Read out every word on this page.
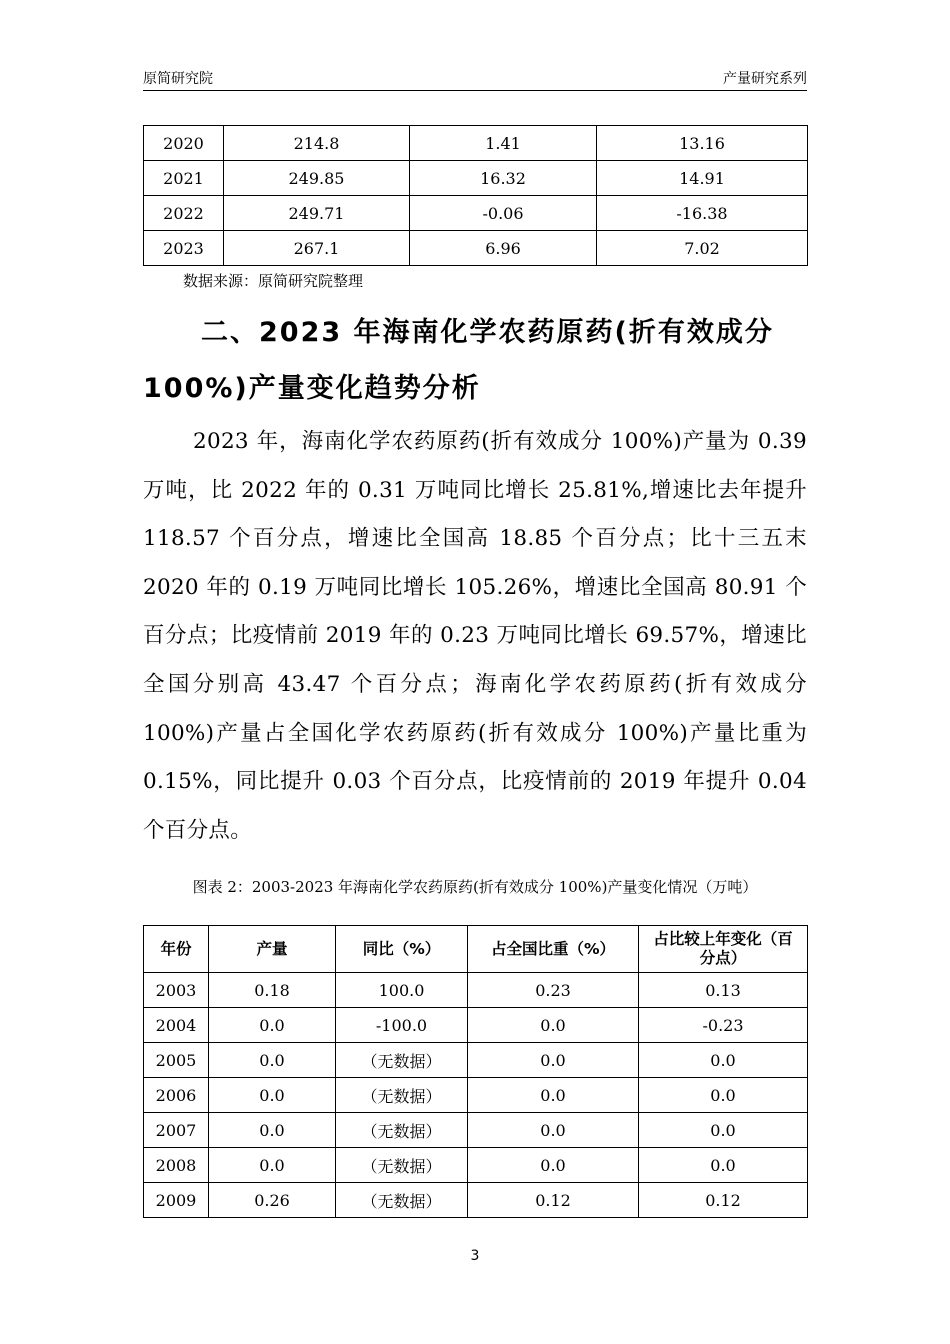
原简研究院	产量研究系列
2020	214.8	1.41	13.16
2021	249.85	16.32	14.91
2022	249.71	-0.06	-16.38
2023	267.1	6.96	7.02
数据来源：原简研究院整理
二、2023 年海南化学农药原药(折有效成分 100%)产量变化趋势分析
2023 年，海南化学农药原药(折有效成分 100%)产量为 0.39 万吨，比 2022 年的 0.31 万吨同比增长 25.81%,增速比去年提升 118.57 个百分点，增速比全国高 18.85 个百分点；比十三五末 2020 年的 0.19 万吨同比增长 105.26%，增速比全国高 80.91 个百分点；比疫情前 2019 年的 0.23 万吨同比增长 69.57%，增速比全国分别高 43.47 个百分点；海南化学农药原药(折有效成分 100%)产量占全国化学农药原药(折有效成分 100%)产量比重为 0.15%，同比提升 0.03 个百分点，比疫情前的 2019 年提升 0.04 个百分点。
图表 2：2003-2023 年海南化学农药原药(折有效成分 100%)产量变化情况（万吨）
年份	产量	同比（%）	占全国比重（%）	占比较上年变化（百分点）
2003	0.18	100.0	0.23	0.13
2004	0.0	-100.0	0.0	-0.23
2005	0.0	（无数据）	0.0	0.0
2006	0.0	（无数据）	0.0	0.0
2007	0.0	（无数据）	0.0	0.0
2008	0.0	（无数据）	0.0	0.0
2009	0.26	（无数据）	0.12	0.12
3
